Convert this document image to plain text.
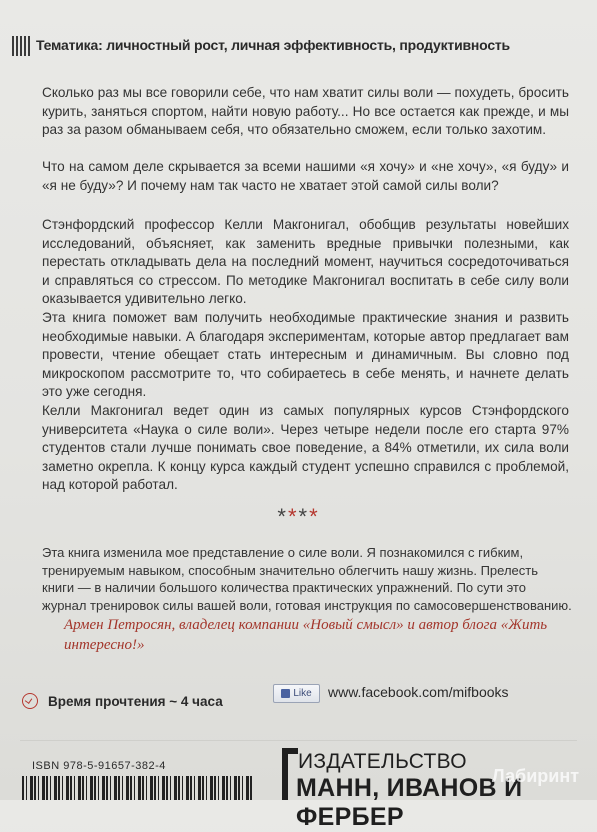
Тематика: личностный рост, личная эффективность, продуктивность
Сколько раз мы все говорили себе, что нам хватит силы воли — похудеть, бросить курить, заняться спортом, найти новую работу... Но все остается как прежде, и мы раз за разом обманываем себя, что обязательно сможем, если только захотим.
Что на самом деле скрывается за всеми нашими «я хочу» и «не хочу», «я буду» и «я не буду»? И почему нам так часто не хватает этой самой силы воли?
Стэнфордский профессор Келли Макгонигал, обобщив результаты новейших исследований, объясняет, как заменить вредные привычки полезными, как перестать откладывать дела на последний момент, научиться сосредоточиваться и справляться со стрессом. По методике Макгонигал воспитать в себе силу воли оказывается удивительно легко.
Эта книга поможет вам получить необходимые практические знания и развить необходимые навыки. А благодаря экспериментам, которые автор предлагает вам провести, чтение обещает стать интересным и динамичным. Вы словно под микроскопом рассмотрите то, что собираетесь в себе менять, и начнете делать это уже сегодня.
Келли Макгонигал ведет один из самых популярных курсов Стэнфордского университета «Наука о силе воли». Через четыре недели после его старта 97% студентов стали лучше понимать свое поведение, а 84% отметили, их сила воли заметно окрепла. К концу курса каждый студент успешно справился с проблемой, над которой работал.
****
Эта книга изменила мое представление о силе воли. Я познакомился с гибким, тренируемым навыком, способным значительно облегчить нашу жизнь. Прелесть книги — в наличии большого количества практических упражнений. По сути это журнал тренировок силы вашей воли, готовая инструкция по самосовершенствованию.
Армен Петросян, владелец компании «Новый смысл» и автор блога «Жить интересно!»
Время прочтения ~ 4 часа	Like www.facebook.com/mifbooks
ISBN 978-5-91657-382-4	ИЗДАТЕЛЬСТВО
МАНН, ИВАНОВ И ФЕРБЕР
Лабиринт
